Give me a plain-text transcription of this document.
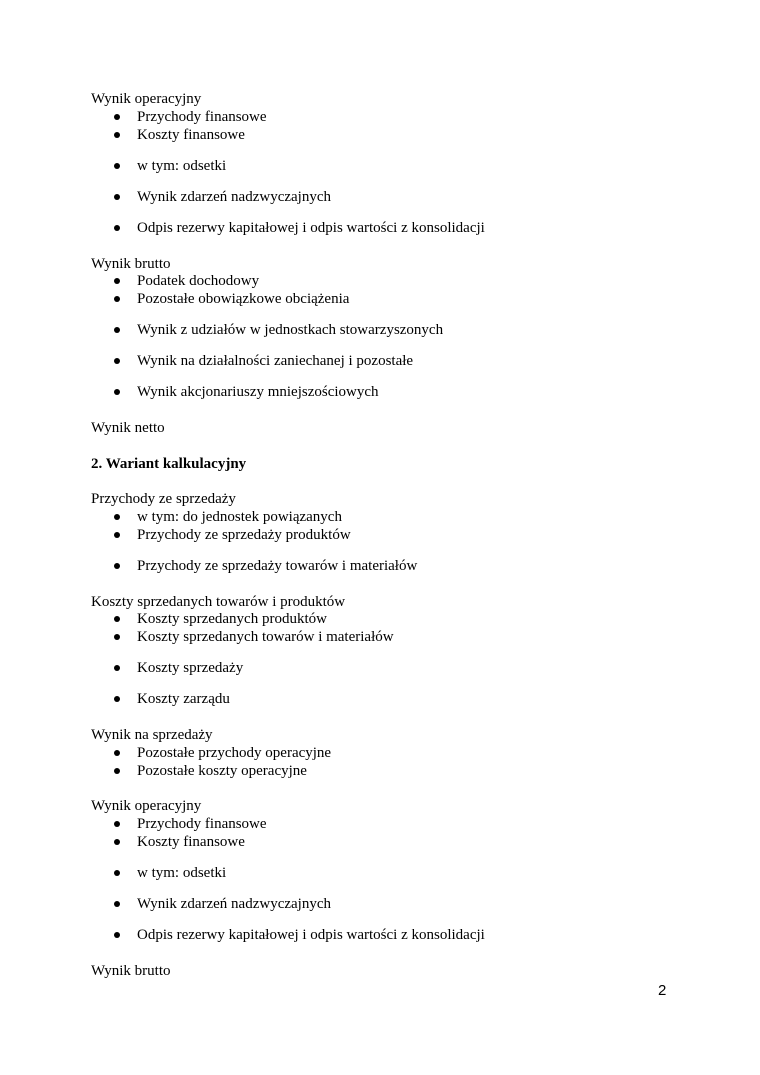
Wynik operacyjny

Przychody finansowe

Koszty finansowe

w tym: odsetki

Wynik zdarzeń nadzwyczajnych

Odpis rezerwy kapitałowej i odpis wartości z konsolidacji

Wynik brutto

Podatek dochodowy

Pozostałe obowiązkowe obciążenia

Wynik z udziałów w jednostkach stowarzyszonych

Wynik na działalności zaniechanej i pozostałe

Wynik akcjonariuszy mniejszościowych

Wynik netto

2. Wariant kalkulacyjny

Przychody ze sprzedaży

w tym: do jednostek powiązanych

Przychody ze sprzedaży produktów

Przychody ze sprzedaży towarów i materiałów

Koszty sprzedanych towarów i produktów

Koszty sprzedanych produktów

Koszty sprzedanych towarów i materiałów

Koszty sprzedaży

Koszty zarządu

Wynik na sprzedaży

Pozostałe przychody operacyjne

Pozostałe koszty operacyjne

Wynik operacyjny

Przychody finansowe

Koszty finansowe

w tym: odsetki

Wynik zdarzeń nadzwyczajnych

Odpis rezerwy kapitałowej i odpis wartości z konsolidacji

Wynik brutto

2
